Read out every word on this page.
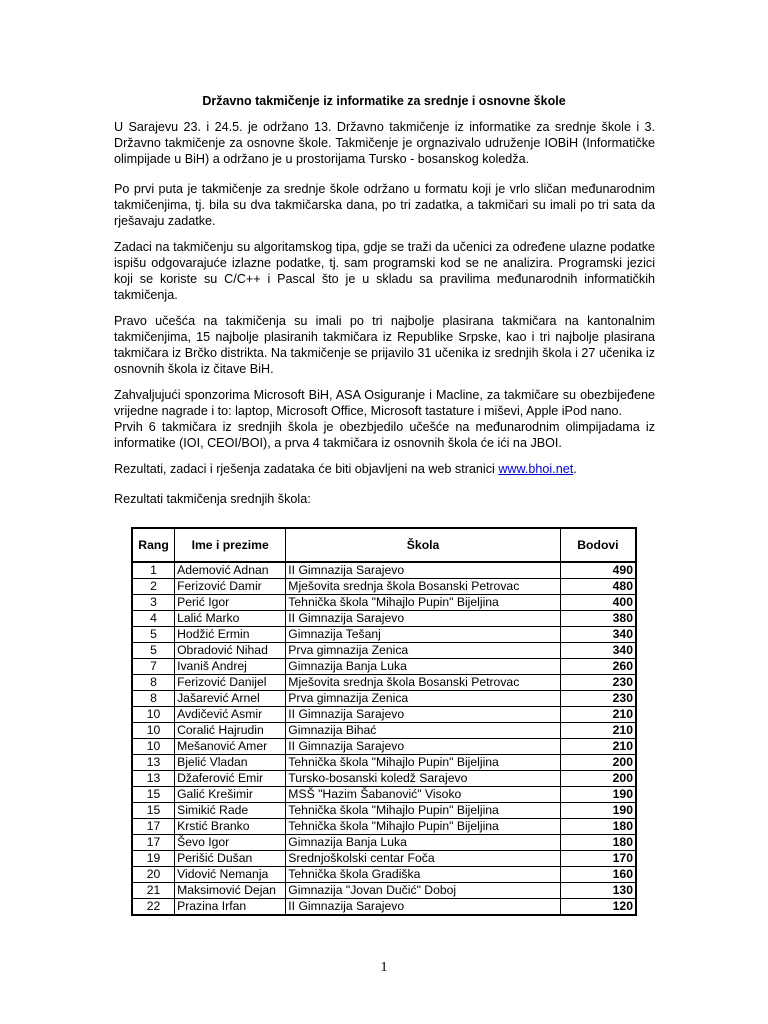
Državno takmičenje iz informatike za srednje i osnovne škole

U Sarajevu 23. i 24.5. je održano 13. Državno takmičenje iz informatike za srednje škole i 3. Državno takmičenje za osnovne škole. Takmičenje je orgnazivalo udruženje IOBiH (Informatičke olimpijade u BiH) a održano je u prostorijama Tursko - bosanskog koledža.

Po prvi puta je takmičenje za srednje škole održano u formatu koji je vrlo sličan međunarodnim takmičenjima, tj. bila su dva takmičarska dana, po tri zadatka, a takmičari su imali po tri sata da rješavaju zadatke.

Zadaci na takmičenju su algoritamskog tipa, gdje se traži da učenici za određene ulazne podatke ispišu odgovarajuće izlazne podatke, tj. sam programski kod se ne analizira. Programski jezici koji se koriste su C/C++ i Pascal što je u skladu sa pravilima međunarodnih informatičkih takmičenja.

Pravo učešća na takmičenja su imali po tri najbolje plasirana takmičara na kantonalnim takmičenjima, 15 najbolje plasiranih takmičara iz Republike Srpske, kao i tri najbolje plasirana takmičara iz Brčko distrikta. Na takmičenje se prijavilo 31 učenika iz srednjih škola i 27 učenika iz osnovnih škola iz čitave BiH.

Zahvaljujući sponzorima Microsoft BiH, ASA Osiguranje i Macline, za takmičare su obezbijeđene vrijedne nagrade i to: laptop, Microsoft Office, Microsoft tastature i miševi, Apple iPod nano.

Prvih 6 takmičara iz srednjih škola je obezbjedilo učešće na međunarodnim olimpijadama iz informatike (IOI, CEOI/BOI), a prva 4 takmičara iz osnovnih škola će ići na JBOI.

Rezultati, zadaci i rješenja zadataka će biti objavljeni na web stranici www.bhoi.net.

Rezultati takmičenja srednjih škola:

Rang	Ime i prezime	Škola	Bodovi
1	Ademović Adnan	II Gimnazija Sarajevo	490
2	Ferizović Damir	Mješovita srednja škola Bosanski Petrovac	480
3	Perić Igor	Tehnička škola "Mihajlo Pupin" Bijeljina	400
4	Lalić Marko	II Gimnazija Sarajevo	380
5	Hodžić Ermin	Gimnazija Tešanj	340
5	Obradović Nihad	Prva gimnazija Zenica	340
7	Ivaniš Andrej	Gimnazija Banja Luka	260
8	Ferizović Danijel	Mješovita srednja škola Bosanski Petrovac	230
8	Jašarević Arnel	Prva gimnazija Zenica	230
10	Avdičević Asmir	II Gimnazija Sarajevo	210
10	Coralić Hajrudin	Gimnazija Bihać	210
10	Mešanović Amer	II Gimnazija Sarajevo	210
13	Bjelić Vladan	Tehnička škola "Mihajlo Pupin" Bijeljina	200
13	Džaferović Emir	Tursko-bosanski koledž Sarajevo	200
15	Galić Krešimir	MSŠ "Hazim Šabanović" Visoko	190
15	Simikić Rade	Tehnička škola "Mihajlo Pupin" Bijeljina	190
17	Krstić Branko	Tehnička škola "Mihajlo Pupin" Bijeljina	180
17	Ševo Igor	Gimnazija Banja Luka	180
19	Perišić Dušan	Srednjoškolski centar Foča	170
20	Vidović Nemanja	Tehnička škola Gradiška	160
21	Maksimović Dejan	Gimnazija "Jovan Dučić" Doboj	130
22	Prazina Irfan	II Gimnazija Sarajevo	120
1
